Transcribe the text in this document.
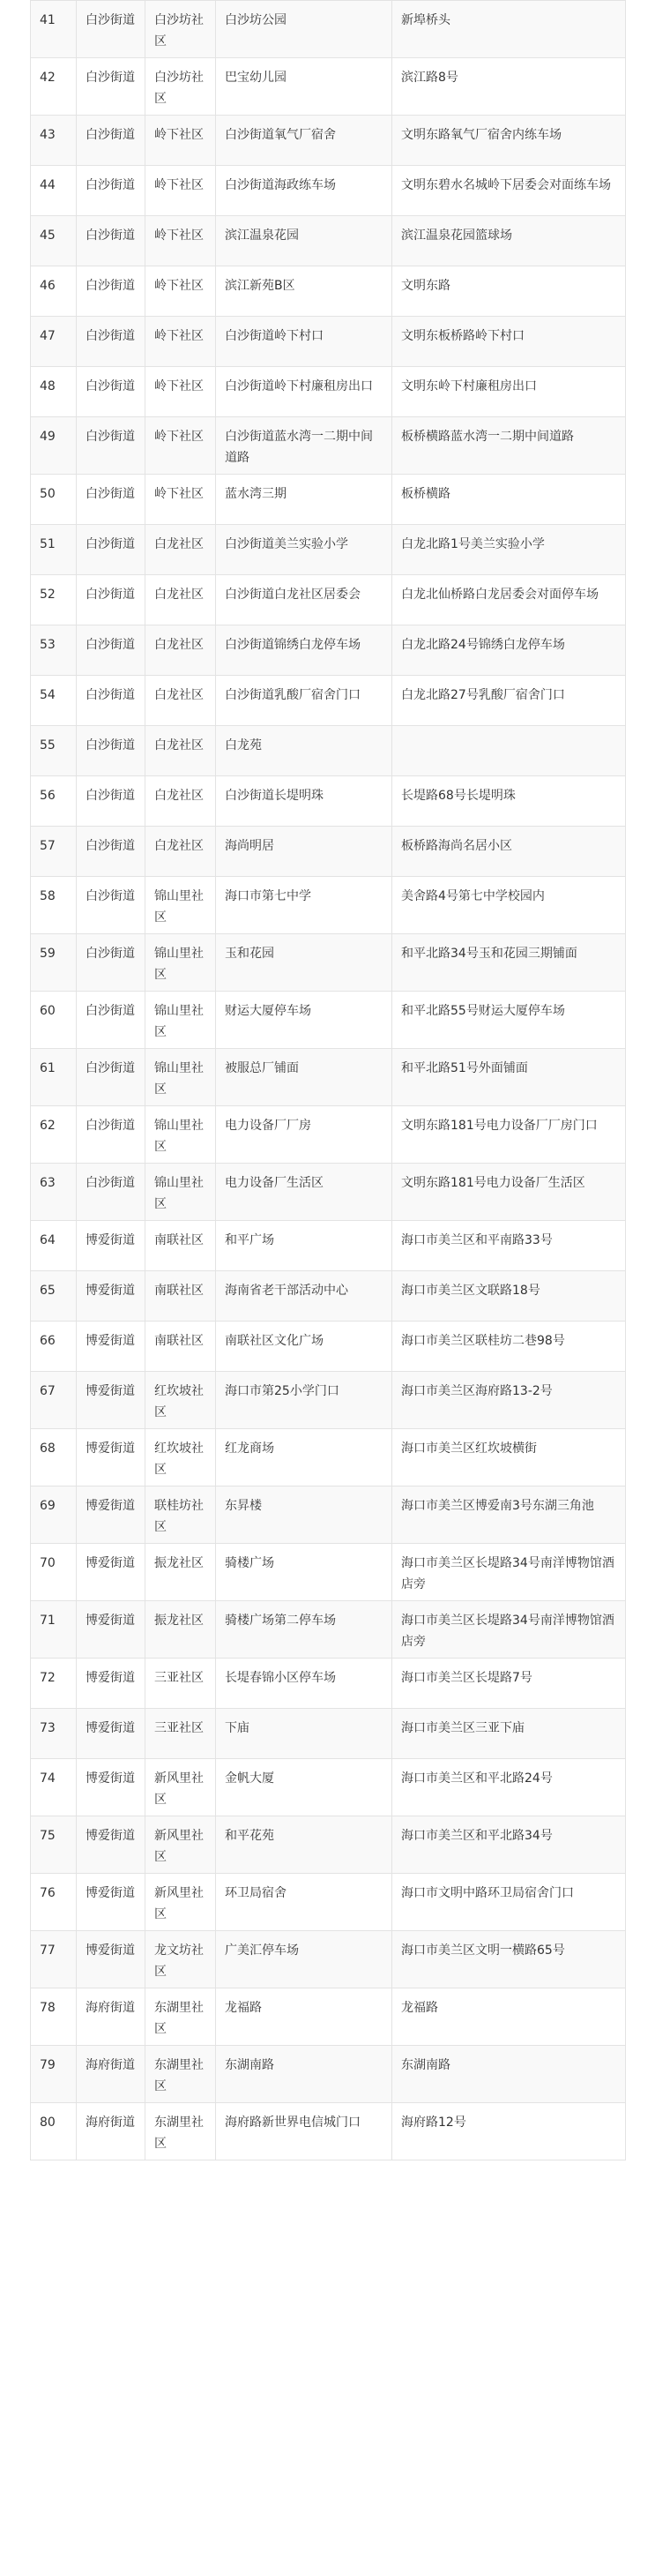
41	白沙街道	白沙坊社区	白沙坊公园	新埠桥头
42	白沙街道	白沙坊社区	巴宝幼儿园	滨江路8号
43	白沙街道	岭下社区	白沙街道氧气厂宿舍	文明东路氧气厂宿舍内练车场
44	白沙街道	岭下社区	白沙街道海政练车场	文明东碧水名城岭下居委会对面练车场
45	白沙街道	岭下社区	滨江温泉花园	滨江温泉花园篮球场
46	白沙街道	岭下社区	滨江新苑B区	文明东路
47	白沙街道	岭下社区	白沙街道岭下村口	文明东板桥路岭下村口
48	白沙街道	岭下社区	白沙街道岭下村廉租房出口	文明东岭下村廉租房出口
49	白沙街道	岭下社区	白沙街道蓝水湾一二期中间道路	板桥横路蓝水湾一二期中间道路
50	白沙街道	岭下社区	蓝水湾三期	板桥横路
51	白沙街道	白龙社区	白沙街道美兰实验小学	白龙北路1号美兰实验小学
52	白沙街道	白龙社区	白沙街道白龙社区居委会	白龙北仙桥路白龙居委会对面停车场
53	白沙街道	白龙社区	白沙街道锦绣白龙停车场	白龙北路24号锦绣白龙停车场
54	白沙街道	白龙社区	白沙街道乳酸厂宿舍门口	白龙北路27号乳酸厂宿舍门口
55	白沙街道	白龙社区	白龙苑	
56	白沙街道	白龙社区	白沙街道长堤明珠	长堤路68号长堤明珠
57	白沙街道	白龙社区	海尚明居	板桥路海尚名居小区
58	白沙街道	锦山里社区	海口市第七中学	美舍路4号第七中学校园内
59	白沙街道	锦山里社区	玉和花园	和平北路34号玉和花园三期铺面
60	白沙街道	锦山里社区	财运大厦停车场	和平北路55号财运大厦停车场
61	白沙街道	锦山里社区	被服总厂铺面	和平北路51号外面铺面
62	白沙街道	锦山里社区	电力设备厂厂房	文明东路181号电力设备厂厂房门口
63	白沙街道	锦山里社区	电力设备厂生活区	文明东路181号电力设备厂生活区
64	博爱街道	南联社区	和平广场	海口市美兰区和平南路33号
65	博爱街道	南联社区	海南省老干部活动中心	海口市美兰区文联路18号
66	博爱街道	南联社区	南联社区文化广场	海口市美兰区联桂坊二巷98号
67	博爱街道	红坎坡社区	海口市第25小学门口	海口市美兰区海府路13-2号
68	博爱街道	红坎坡社区	红龙商场	海口市美兰区红坎坡横街
69	博爱街道	联桂坊社区	东昇楼	海口市美兰区博爱南3号东湖三角池
70	博爱街道	振龙社区	骑楼广场	海口市美兰区长堤路34号南洋博物馆酒店旁
71	博爱街道	振龙社区	骑楼广场第二停车场	海口市美兰区长堤路34号南洋博物馆酒店旁
72	博爱街道	三亚社区	长堤春锦小区停车场	海口市美兰区长堤路7号
73	博爱街道	三亚社区	下庙	海口市美兰区三亚下庙
74	博爱街道	新风里社区	金帆大厦	海口市美兰区和平北路24号
75	博爱街道	新风里社区	和平花苑	海口市美兰区和平北路34号
76	博爱街道	新风里社区	环卫局宿舍	海口市文明中路环卫局宿舍门口
77	博爱街道	龙文坊社区	广美汇停车场	海口市美兰区文明一横路65号
78	海府街道	东湖里社区	龙福路	龙福路
79	海府街道	东湖里社区	东湖南路	东湖南路
80	海府街道	东湖里社区	海府路新世界电信城门口	海府路12号
